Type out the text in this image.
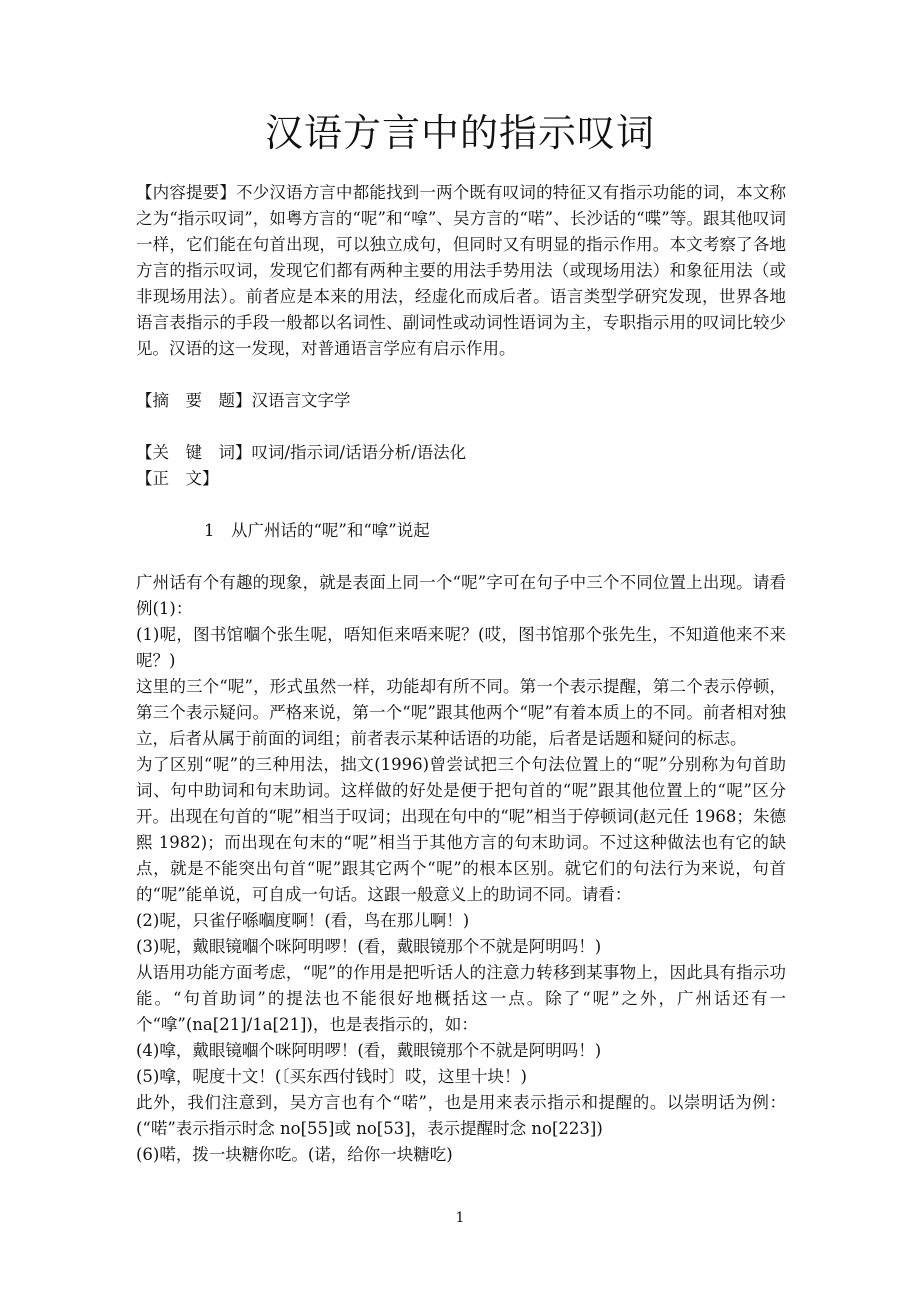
汉语方言中的指示叹词

【内容提要】不少汉语方言中都能找到一两个既有叹词的特征又有指示功能的词，本文称之为“指示叹词”，如粤方言的“呢”和“嗱”、吴方言的“喏”、长沙话的“喋”等。跟其他叹词一样，它们能在句首出现，可以独立成句，但同时又有明显的指示作用。本文考察了各地方言的指示叹词，发现它们都有两种主要的用法手势用法（或现场用法）和象征用法（或非现场用法）。前者应是本来的用法，经虚化而成后者。语言类型学研究发现，世界各地语言表指示的手段一般都以名词性、副词性或动词性语词为主，专职指示用的叹词比较少见。汉语的这一发现，对普通语言学应有启示作用。

【摘　要　题】汉语言文字学

【关　键　词】叹词/指示词/话语分析/语法化

【正　文】

1　从广州话的“呢”和“嗱”说起

广州话有个有趣的现象，就是表面上同一个“呢”字可在句子中三个不同位置上出现。请看例(1)：

(1)呢，图书馆嗰个张生呢，唔知佢来唔来呢？(哎，图书馆那个张先生，不知道他来不来呢？)

这里的三个“呢”，形式虽然一样，功能却有所不同。第一个表示提醒，第二个表示停顿，第三个表示疑问。严格来说，第一个“呢”跟其他两个“呢”有着本质上的不同。前者相对独立，后者从属于前面的词组；前者表示某种话语的功能，后者是话题和疑问的标志。

为了区别“呢”的三种用法，拙文(1996)曾尝试把三个句法位置上的“呢”分别称为句首助词、句中助词和句末助词。这样做的好处是便于把句首的“呢”跟其他位置上的“呢”区分开。出现在句首的“呢”相当于叹词；出现在句中的“呢”相当于停顿词(赵元任 1968；朱德熙 1982)；而出现在句末的“呢”相当于其他方言的句末助词。不过这种做法也有它的缺点，就是不能突出句首“呢”跟其它两个“呢”的根本区别。就它们的句法行为来说，句首的“呢”能单说，可自成一句话。这跟一般意义上的助词不同。请看：

(2)呢，只雀仔喺嗰度啊！(看，鸟在那儿啊！)

(3)呢，戴眼镜嗰个咪阿明啰！(看，戴眼镜那个不就是阿明吗！)

从语用功能方面考虑，“呢”的作用是把听话人的注意力转移到某事物上，因此具有指示功能。“句首助词”的提法也不能很好地概括这一点。除了“呢”之外，广州话还有一个“嗱”(na[21]/1a[21])，也是表指示的，如：

(4)嗱，戴眼镜嗰个咪阿明啰！(看，戴眼镜那个不就是阿明吗！)

(5)嗱，呢度十文！(〔买东西付钱时〕哎，这里十块！)

此外，我们注意到，吴方言也有个“喏”，也是用来表示指示和提醒的。以崇明话为例：(“喏”表示指示时念 no[55]或 no[53]，表示提醒时念 no[223])

(6)喏，拨一块糖你吃。(诺，给你一块糖吃)

1
